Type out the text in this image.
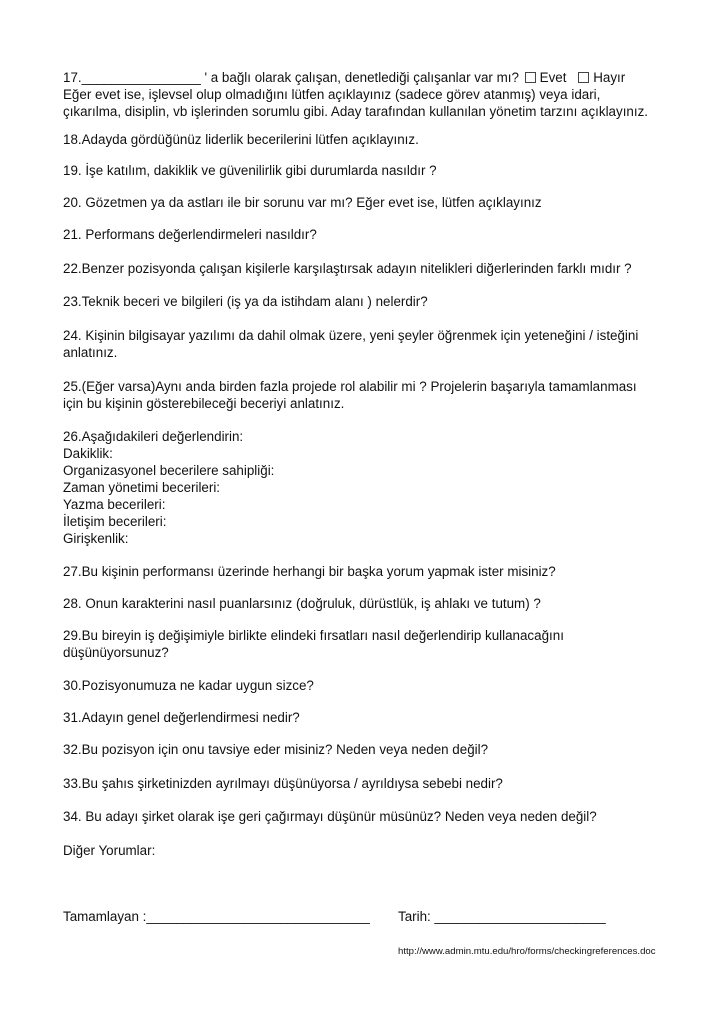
17.________________ ' a bağlı olarak çalışan, denetlediği çalışanlar var mı? Evet Hayır

Eğer evet ise, işlevsel olup olmadığını lütfen açıklayınız (sadece görev atanmış) veya idari,

çıkarılma, disiplin, vb işlerinden sorumlu gibi. Aday tarafından kullanılan yönetim tarzını açıklayınız.

18.Adayda gördüğünüz liderlik becerilerini lütfen açıklayınız.

19. İşe katılım, dakiklik ve güvenilirlik gibi durumlarda nasıldır ?

20. Gözetmen ya da astları ile bir sorunu var mı? Eğer evet ise, lütfen açıklayınız

21. Performans değerlendirmeleri nasıldır?

22.Benzer pozisyonda çalışan kişilerle karşılaştırsak adayın nitelikleri diğerlerinden farklı mıdır ?

23.Teknik beceri ve bilgileri (iş ya da istihdam alanı ) nelerdir?

24. Kişinin bilgisayar yazılımı da dahil olmak üzere, yeni şeyler öğrenmek için yeteneğini / isteğini

anlatınız.

25.(Eğer varsa)Aynı anda birden fazla projede rol alabilir mi ? Projelerin başarıyla tamamlanması

için bu kişinin gösterebileceği beceriyi anlatınız.

26.Aşağıdakileri değerlendirin:

Dakiklik:

Organizasyonel becerilere sahipliği:

Zaman yönetimi becerileri:

Yazma becerileri:

İletişim becerileri:

Girişkenlik:

27.Bu kişinin performansı üzerinde herhangi bir başka yorum yapmak ister misiniz?

28. Onun karakterini nasıl puanlarsınız (doğruluk, dürüstlük, iş ahlakı ve tutum) ?

29.Bu bireyin iş değişimiyle birlikte elindeki fırsatları nasıl değerlendirip kullanacağını

düşünüyorsunuz?

30.Pozisyonumuza ne kadar uygun sizce?

31.Adayın genel değerlendirmesi nedir?

32.Bu pozisyon için onu tavsiye eder misiniz? Neden veya neden değil?

33.Bu şahıs şirketinizden ayrılmayı düşünüyorsa / ayrıldıysa sebebi nedir?

34. Bu adayı şirket olarak işe geri çağırmayı düşünür müsünüz? Neden veya neden değil?

Diğer Yorumlar:

Tamamlayan :______________________________ Tarih: _______________________

http://www.admin.mtu.edu/hro/forms/checkingreferences.doc
